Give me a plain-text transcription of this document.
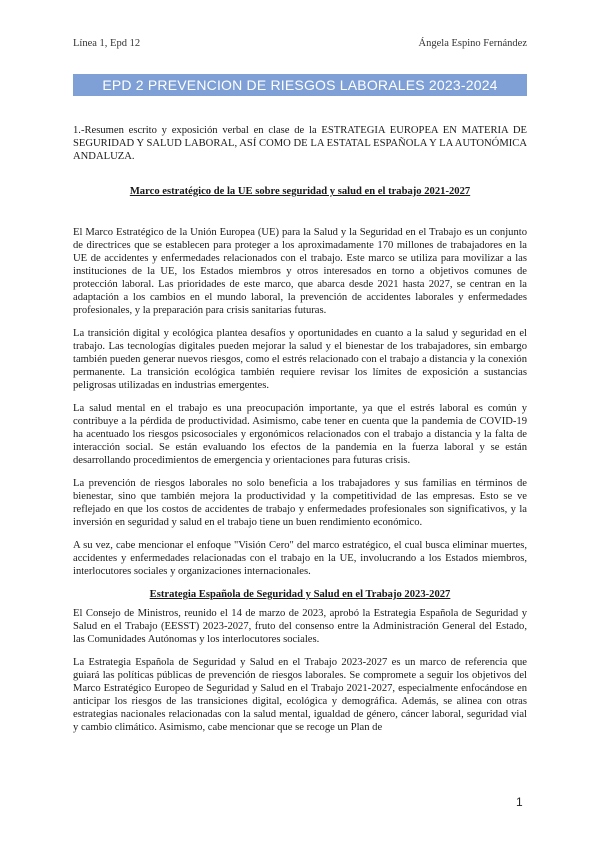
Línea 1, Epd 12	Ángela Espino Fernández
EPD 2 PREVENCION DE RIESGOS LABORALES 2023-2024

1.-Resumen escrito y exposición verbal en clase de la ESTRATEGIA EUROPEA EN MATERIA DE SEGURIDAD Y SALUD LABORAL, ASÍ COMO DE LA ESTATAL ESPAÑOLA Y LA AUTONÓMICA ANDALUZA.

Marco estratégico de la UE sobre seguridad y salud en el trabajo 2021-2027

El Marco Estratégico de la Unión Europea (UE) para la Salud y la Seguridad en el Trabajo es un conjunto de directrices que se establecen para proteger a los aproximadamente 170 millones de trabajadores en la UE de accidentes y enfermedades relacionados con el trabajo. Este marco se utiliza para movilizar a las instituciones de la UE, los Estados miembros y otros interesados en torno a objetivos comunes de protección laboral. Las prioridades de este marco, que abarca desde 2021 hasta 2027, se centran en la adaptación a los cambios en el mundo laboral, la prevención de accidentes laborales y enfermedades profesionales, y la preparación para crisis sanitarias futuras.

La transición digital y ecológica plantea desafíos y oportunidades en cuanto a la salud y seguridad en el trabajo. Las tecnologías digitales pueden mejorar la salud y el bienestar de los trabajadores, sin embargo también pueden generar nuevos riesgos, como el estrés relacionado con el trabajo a distancia y la conexión permanente. La transición ecológica también requiere revisar los límites de exposición a sustancias peligrosas utilizadas en industrias emergentes.

La salud mental en el trabajo es una preocupación importante, ya que el estrés laboral es común y contribuye a la pérdida de productividad. Asimismo, cabe tener en cuenta que la pandemia de COVID-19 ha acentuado los riesgos psicosociales y ergonómicos relacionados con el trabajo a distancia y la falta de interacción social. Se están evaluando los efectos de la pandemia en la fuerza laboral y se están desarrollando procedimientos de emergencia y orientaciones para futuras crisis.

La prevención de riesgos laborales no solo beneficia a los trabajadores y sus familias en términos de bienestar, sino que también mejora la productividad y la competitividad de las empresas. Esto se ve reflejado en que los costos de accidentes de trabajo y enfermedades profesionales son significativos, y la inversión en seguridad y salud en el trabajo tiene un buen rendimiento económico.

A su vez, cabe mencionar el enfoque "Visión Cero" del marco estratégico, el cual busca eliminar muertes, accidentes y enfermedades relacionadas con el trabajo en la UE, involucrando a los Estados miembros, interlocutores sociales y organizaciones internacionales.

Estrategia Española de Seguridad y Salud en el Trabajo 2023-2027

El Consejo de Ministros, reunido el 14 de marzo de 2023, aprobó la Estrategia Española de Seguridad y Salud en el Trabajo (EESST) 2023-2027, fruto del consenso entre la Administración General del Estado, las Comunidades Autónomas y los interlocutores sociales.

La Estrategia Española de Seguridad y Salud en el Trabajo 2023-2027 es un marco de referencia que guiará las políticas públicas de prevención de riesgos laborales. Se compromete a seguir los objetivos del Marco Estratégico Europeo de Seguridad y Salud en el Trabajo 2021-2027, especialmente enfocándose en anticipar los riesgos de las transiciones digital, ecológica y demográfica. Además, se alinea con otras estrategias nacionales relacionadas con la salud mental, igualdad de género, cáncer laboral, seguridad vial y cambio climático. Asimismo, cabe mencionar que se recoge un Plan de

1
